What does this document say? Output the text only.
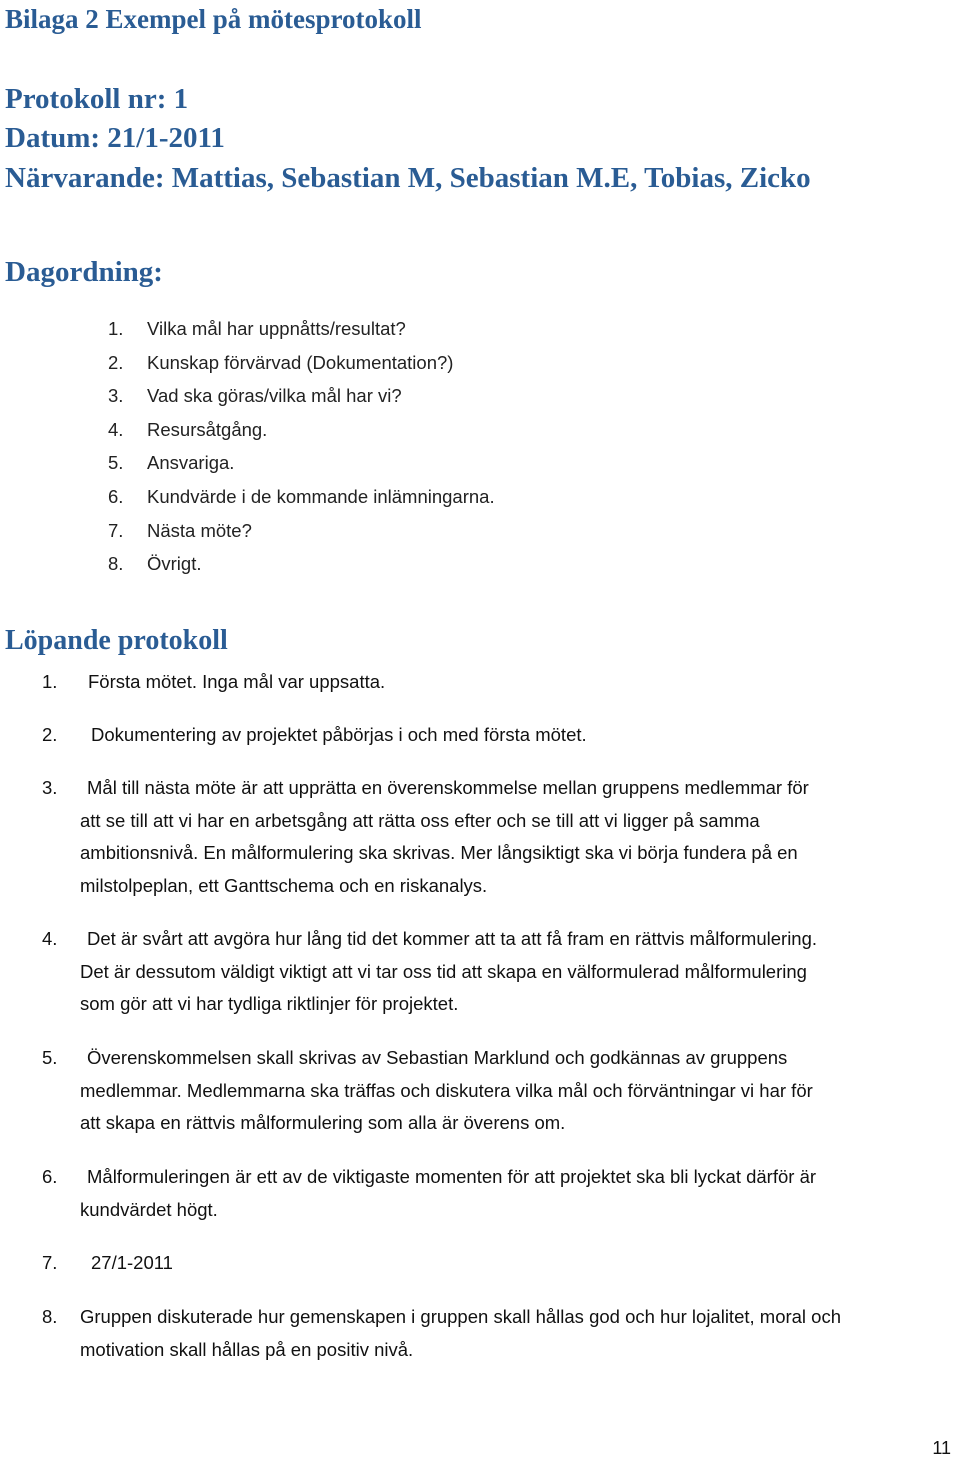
Bilaga 2 Exempel på mötesprotokoll
Protokoll nr: 1
Datum: 21/1-2011
Närvarande: Mattias, Sebastian M, Sebastian M.E, Tobias, Zicko
Dagordning:
1.	Vilka mål har uppnåtts/resultat?
2.	Kunskap förvärvad (Dokumentation?)
3.	Vad ska göras/vilka mål har vi?
4.	Resursåtgång.
5.	Ansvariga.
6.	Kundvärde i de kommande inlämningarna.
7.	Nästa möte?
8.	Övrigt.
Löpande protokoll
1. Första mötet. Inga mål var uppsatta.
2. Dokumentering av projektet påbörjas i och med första mötet.
3.	Mål till nästa möte är att upprätta en överenskommelse mellan gruppens medlemmar för
att se till att vi har en arbetsgång att rätta oss efter och se till att vi ligger på samma
ambitionsnivå. En målformulering ska skrivas. Mer långsiktigt ska vi börja fundera på en
milstolpeplan, ett Ganttschema och en riskanalys.
4.	Det är svårt att avgöra hur lång tid det kommer att ta att få fram en rättvis målformulering.
Det är dessutom väldigt viktigt att vi tar oss tid att skapa en välformulerad målformulering
som gör att vi har tydliga riktlinjer för projektet.
5.	Överenskommelsen skall skrivas av Sebastian Marklund och godkännas av gruppens
medlemmar. Medlemmarna ska träffas och diskutera vilka mål och förväntningar vi har för
att skapa en rättvis målformulering som alla är överens om.
6.	Målformuleringen är ett av de viktigaste momenten för att projektet ska bli lyckat därför är
kundvärdet högt.
7. 27/1-2011
8. Gruppen diskuterade hur gemenskapen i gruppen skall hållas god och hur lojalitet, moral och
motivation skall hållas på en positiv nivå.
11
